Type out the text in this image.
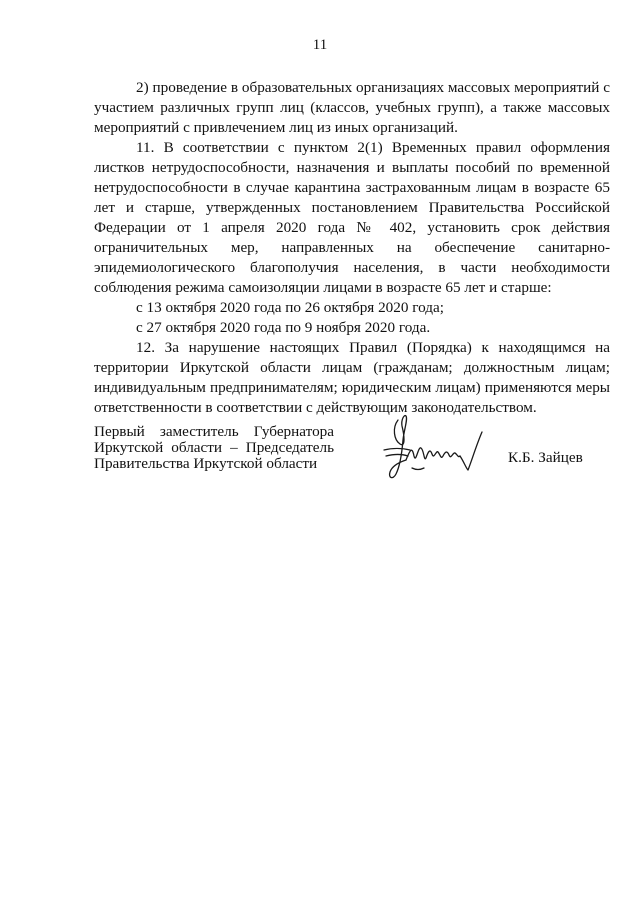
11

2) проведение в образовательных организациях массовых мероприятий с участием различных групп лиц (классов, учебных групп), а также массовых мероприятий с привлечением лиц из иных организаций.

11. В соответствии с пунктом 2(1) Временных правил оформления листков нетрудоспособности, назначения и выплаты пособий по временной нетрудоспособности в случае карантина застрахованным лицам в возрасте 65 лет и старше, утвержденных постановлением Правительства Российской Федерации от 1 апреля 2020 года № 402, установить срок действия ограничительных мер, направленных на обеспечение санитарно-эпидемиологического благополучия населения, в части необходимости соблюдения режима самоизоляции лицами в возрасте 65 лет и старше:

с 13 октября 2020 года по 26 октября 2020 года;

с 27 октября 2020 года по 9 ноября 2020 года.

12. За нарушение настоящих Правил (Порядка) к находящимся на территории Иркутской области лицам (гражданам; должностным лицам; индивидуальным предпринимателям; юридическим лицам) применяются меры ответственности в соответствии с действующим законодательством.

Первый заместитель Губернатора
Иркутской области – Председатель
Правительства Иркутской области	К.Б. Зайцев
